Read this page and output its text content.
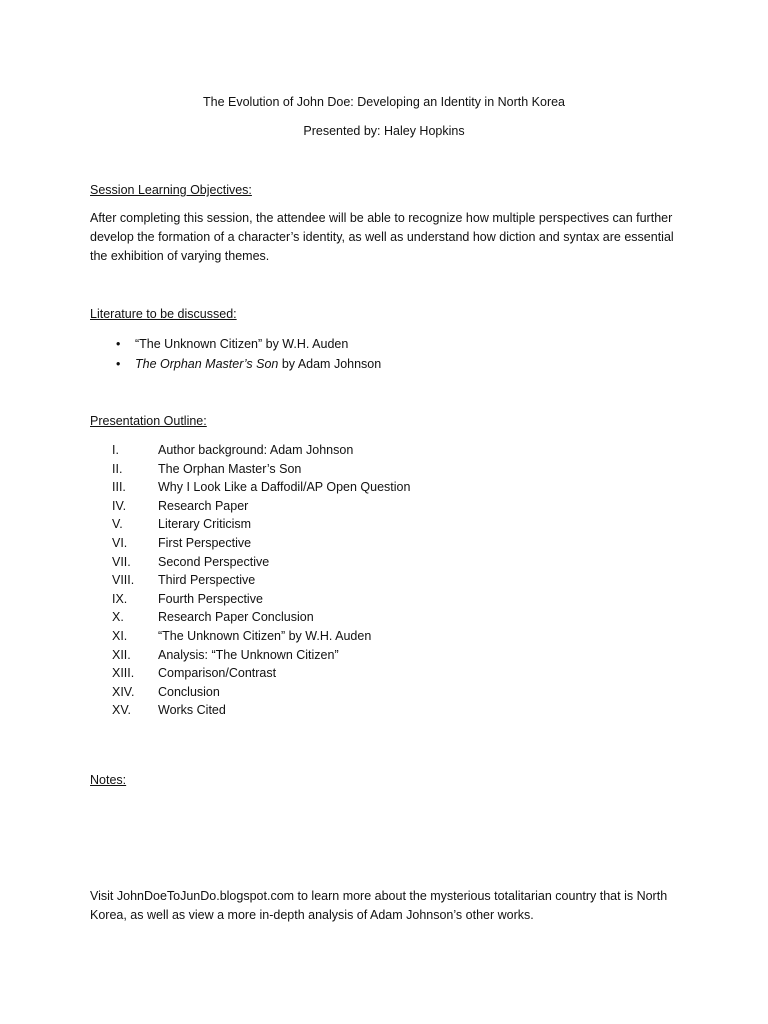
The Evolution of John Doe: Developing an Identity in North Korea
Presented by: Haley Hopkins
Session Learning Objectives:
After completing this session, the attendee will be able to recognize how multiple perspectives can further develop the formation of a character’s identity, as well as understand how diction and syntax are essential the exhibition of varying themes.
Literature to be discussed:
• “The Unknown Citizen” by W.H. Auden
• The Orphan Master’s Son by Adam Johnson
Presentation Outline:
I.	Author background: Adam Johnson
II.	The Orphan Master’s Son
III.	Why I Look Like a Daffodil/AP Open Question
IV.	Research Paper
V.	Literary Criticism
VI. First Perspective
VII. Second Perspective
VIII. Third Perspective
IX. Fourth Perspective
X.	Research Paper Conclusion
XI. “The Unknown Citizen” by W.H. Auden
XII. Analysis: “The Unknown Citizen”
XIII. Comparison/Contrast
XIV. Conclusion
XV. Works Cited
Notes:
Visit JohnDoeToJunDo.blogspot.com to learn more about the mysterious totalitarian country that is North Korea, as well as view a more in-depth analysis of Adam Johnson’s other works.
